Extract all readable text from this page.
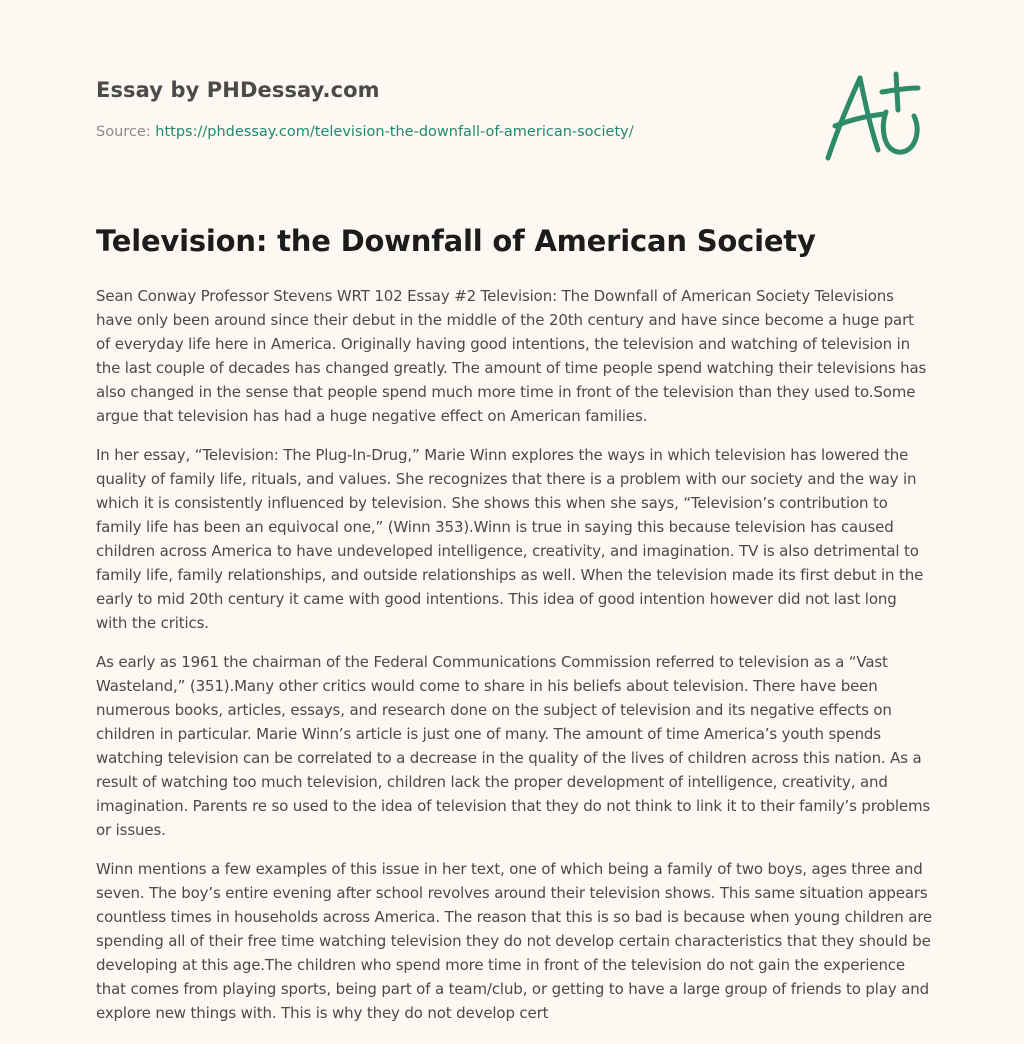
Essay by PHDessay.com
Source: https://phdessay.com/television-the-downfall-of-american-society/
Television: the Downfall of American Society

Sean Conway Professor Stevens WRT 102 Essay #2 Television: The Downfall of American Society Televisions have only been around since their debut in the middle of the 20th century and have since become a huge part of everyday life here in America. Originally having good intentions, the television and watching of television in the last couple of decades has changed greatly. The amount of time people spend watching their televisions has also changed in the sense that people spend much more time in front of the television than they used to.Some argue that television has had a huge negative effect on American families.

In her essay, “Television: The Plug-In-Drug,” Marie Winn explores the ways in which television has lowered the quality of family life, rituals, and values. She recognizes that there is a problem with our society and the way in which it is consistently influenced by television. She shows this when she says, “Television’s contribution to family life has been an equivocal one,” (Winn 353).Winn is true in saying this because television has caused children across America to have undeveloped intelligence, creativity, and imagination. TV is also detrimental to family life, family relationships, and outside relationships as well. When the television made its first debut in the early to mid 20th century it came with good intentions. This idea of good intention however did not last long with the critics.

As early as 1961 the chairman of the Federal Communications Commission referred to television as a “Vast Wasteland,” (351).Many other critics would come to share in his beliefs about television. There have been numerous books, articles, essays, and research done on the subject of television and its negative effects on children in particular. Marie Winn’s article is just one of many. The amount of time America’s youth spends watching television can be correlated to a decrease in the quality of the lives of children across this nation. As a result of watching too much television, children lack the proper development of intelligence, creativity, and imagination. Parents re so used to the idea of television that they do not think to link it to their family’s problems or issues.

Winn mentions a few examples of this issue in her text, one of which being a family of two boys, ages three and seven. The boy’s entire evening after school revolves around their television shows. This same situation appears countless times in households across America. The reason that this is so bad is because when young children are spending all of their free time watching television they do not develop certain characteristics that they should be developing at this age.The children who spend more time in front of the television do not gain the experience that comes from playing sports, being part of a team/club, or getting to have a large group of friends to play and explore new things with. This is why they do not develop cert
